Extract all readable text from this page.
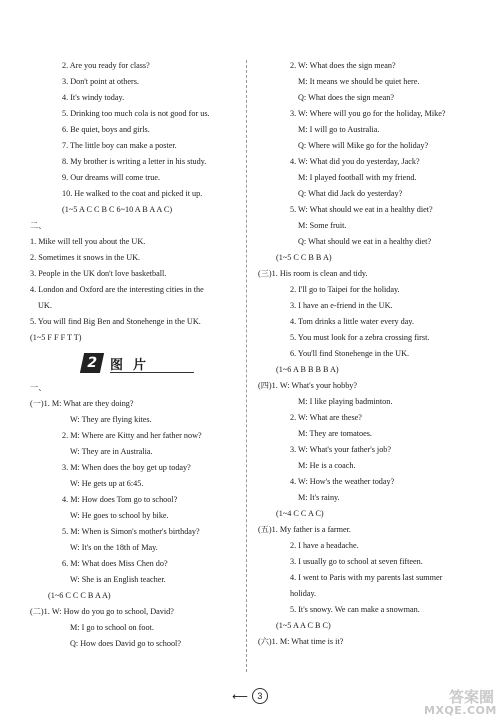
2. Are you ready for class?
3. Don't point at others.
4. It's windy today.
5. Drinking too much cola is not good for us.
6. Be quiet, boys and girls.
7. The little boy can make a poster.
8. My brother is writing a letter in his study.
9. Our dreams will come true.
10. He walked to the coat and picked it up.
(1~5 A C C B C 6~10 A B A A C)
二、
1. Mike will tell you about the UK.
2. Sometimes it snows in the UK.
3. People in the UK don't love basketball.
4. London and Oxford are the interesting cities in the
UK.
5. You will find Big Ben and Stonehenge in the UK.
(1~5 F F F T T)
2 图片
一、
(一)1. M: What are they doing?
W: They are flying kites.
2. M: Where are Kitty and her father now?
W: They are in Australia.
3. M: When does the boy get up today?
W: He gets up at 6:45.
4. M: How does Tom go to school?
W: He goes to school by bike.
5. M: When is Simon's mother's birthday?
W: It's on the 18th of May.
6. M: What does Miss Chen do?
W: She is an English teacher.
(1~6 C C C B A A)
(二)1. W: How do you go to school, David?
M: I go to school on foot.
Q: How does David go to school?
2. W: What does the sign mean?
M: It means we should be quiet here.
Q: What does the sign mean?
3. W: Where will you go for the holiday, Mike?
M: I will go to Australia.
Q: Where will Mike go for the holiday?
4. W: What did you do yesterday, Jack?
M: I played football with my friend.
Q: What did Jack do yesterday?
5. W: What should we eat in a healthy diet?
M: Some fruit.
Q: What should we eat in a healthy diet?
(1~5 C C B B A)
(三)1. His room is clean and tidy.
2. I'll go to Taipei for the holiday.
3. I have an e-friend in the UK.
4. Tom drinks a little water every day.
5. You must look for a zebra crossing first.
6. You'll find Stonehenge in the UK.
(1~6 A B B B B A)
(四)1. W: What's your hobby?
M: I like playing badminton.
2. W: What are these?
M: They are tomatoes.
3. W: What's your father's job?
M: He is a coach.
4. W: How's the weather today?
M: It's rainy.
(1~4 C C A C)
(五)1. My father is a farmer.
2. I have a headache.
3. I usually go to school at seven fifteen.
4. I went to Paris with my parents last summer
holiday.
5. It's snowy. We can make a snowman.
(1~5 A A C B C)
(六)1. M: What time is it?
⟵	3	答案圈
MXQE.COM
